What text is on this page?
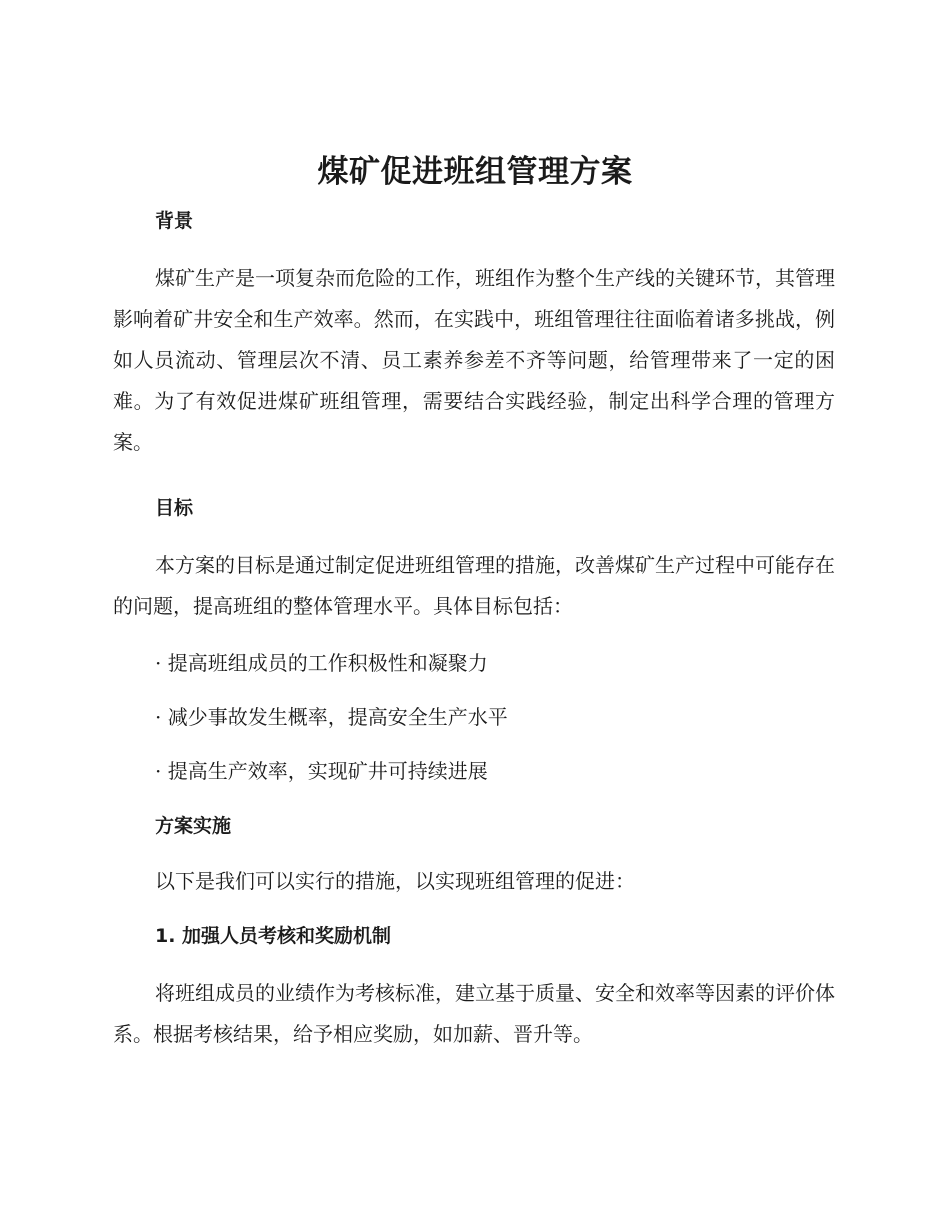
煤矿促进班组管理方案
背景

煤矿生产是一项复杂而危险的工作，班组作为整个生产线的关键环节，其管理影响着矿井安全和生产效率。然而，在实践中，班组管理往往面临着诸多挑战，例如人员流动、管理层次不清、员工素养参差不齐等问题，给管理带来了一定的困难。为了有效促进煤矿班组管理，需要结合实践经验，制定出科学合理的管理方案。

目标

本方案的目标是通过制定促进班组管理的措施，改善煤矿生产过程中可能存在的问题，提高班组的整体管理水平。具体目标包括：

· 提高班组成员的工作积极性和凝聚力

· 减少事故发生概率，提高安全生产水平

· 提高生产效率，实现矿井可持续进展

方案实施

以下是我们可以实行的措施，以实现班组管理的促进：

1. 加强人员考核和奖励机制

将班组成员的业绩作为考核标准，建立基于质量、安全和效率等因素的评价体系。根据考核结果，给予相应奖励，如加薪、晋升等。
